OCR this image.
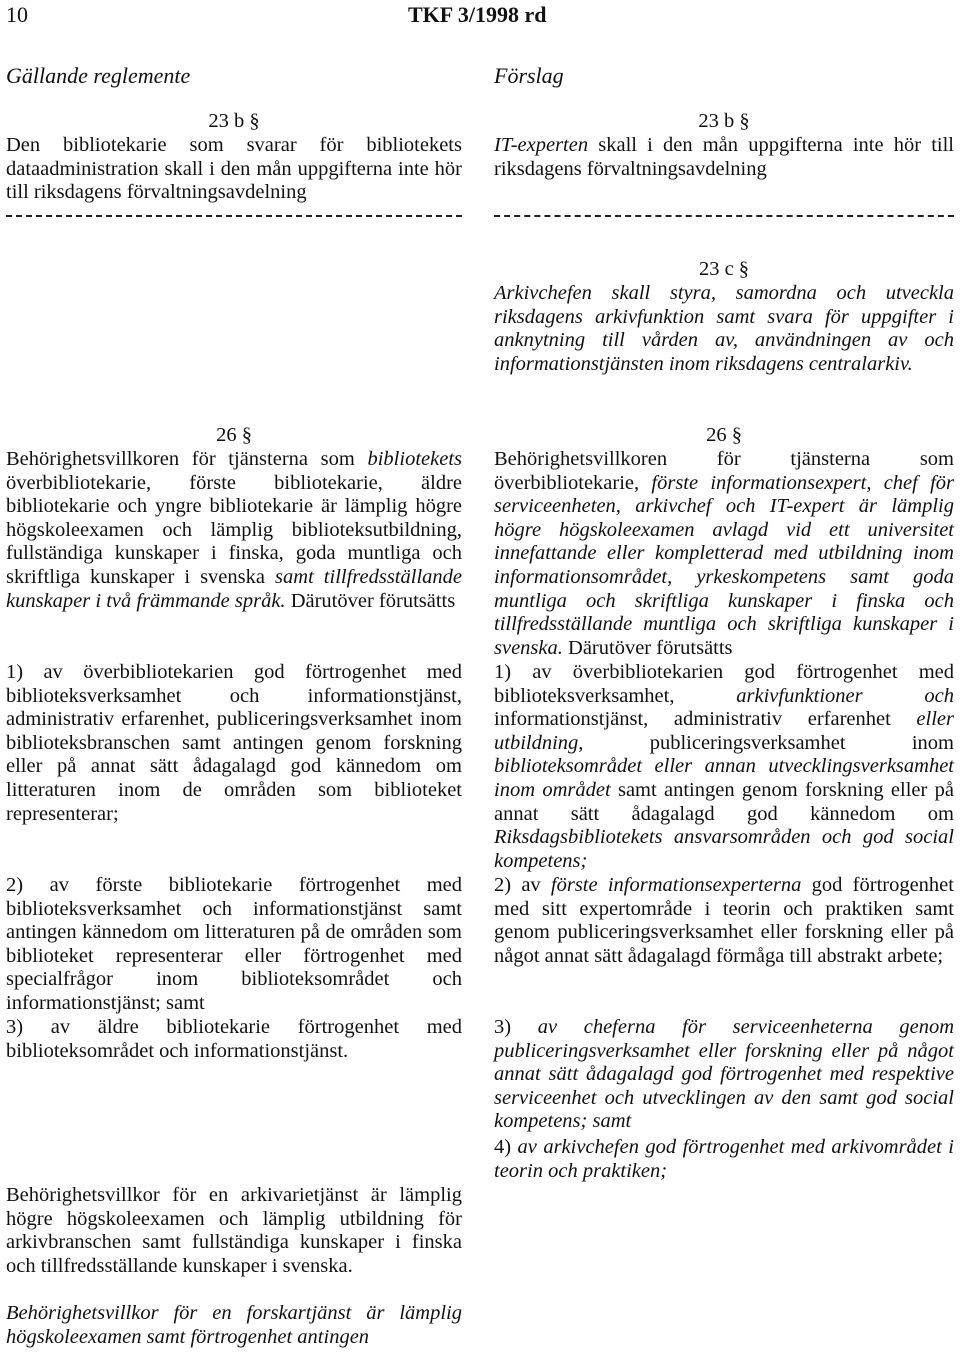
10	TKF 3/1998 rd
Gällande reglemente
23 b §

Den bibliotekarie som svarar för bibliotekets dataadministration skall i den mån uppgifterna inte hör till riksdagens förvaltningsavdelning

26 §

Behörighetsvillkoren för tjänsterna som bibliotekets överbibliotekarie, förste bibliotekarie, äldre bibliotekarie och yngre bibliotekarie är lämplig högre högskoleexamen och lämplig biblioteksutbildning, fullständiga kunskaper i finska, goda muntliga och skriftliga kunskaper i svenska samt tillfredsställande kunskaper i två främmande språk. Därutöver förutsätts

1) av överbibliotekarien god förtrogenhet med biblioteksverksamhet och informationstjänst, administrativ erfarenhet, publiceringsverksamhet inom biblioteksbranschen samt antingen genom forskning eller på annat sätt ådagalagd god kännedom om litteraturen inom de områden som biblioteket representerar;

2) av förste bibliotekarie förtrogenhet med biblioteksverksamhet och informationstjänst samt antingen kännedom om litteraturen på de områden som biblioteket representerar eller förtrogenhet med specialfrågor inom biblioteksområdet och informationstjänst; samt

3) av äldre bibliotekarie förtrogenhet med biblioteksområdet och informationstjänst.

Behörighetsvillkor för en arkivarietjänst är lämplig högre högskoleexamen och lämplig utbildning för arkivbranschen samt fullständiga kunskaper i finska och tillfredsställande kunskaper i svenska.

Behörighetsvillkor för en forskartjänst är lämplig högskoleexamen samt förtrogenhet antingen

Förslag
23 b §

IT-experten skall i den mån uppgifterna inte hör till riksdagens förvaltningsavdelning

23 c §

Arkivchefen skall styra, samordna och utveckla riksdagens arkivfunktion samt svara för uppgifter i anknytning till vården av, användningen av och informationstjänsten inom riksdagens centralarkiv.

26 §

Behörighetsvillkoren för tjänsterna som överbibliotekarie, förste informationsexpert, chef för serviceenheten, arkivchef och IT-expert är lämplig högre högskoleexamen avlagd vid ett universitet innefattande eller kompletterad med utbildning inom informationsområdet, yrkeskompetens samt goda muntliga och skriftliga kunskaper i finska och tillfredsställande muntliga och skriftliga kunskaper i svenska. Därutöver förutsätts

1) av överbibliotekarien god förtrogenhet med biblioteksverksamhet, arkivfunktioner och informationstjänst, administrativ erfarenhet eller utbildning, publiceringsverksamhet inom biblioteksområdet eller annan utvecklingsverksamhet inom området samt antingen genom forskning eller på annat sätt ådagalagd god kännedom om Riksdagsbibliotekets ansvarsområden och god social kompetens;

2) av förste informationsexperterna god förtrogenhet med sitt expertområde i teorin och praktiken samt genom publiceringsverksamhet eller forskning eller på något annat sätt ådagalagd förmåga till abstrakt arbete;

3) av cheferna för serviceenheterna genom publiceringsverksamhet eller forskning eller på något annat sätt ådagalagd god förtrogenhet med respektive serviceenhet och utvecklingen av den samt god social kompetens; samt

4) av arkivchefen god förtrogenhet med arkivområdet i teorin och praktiken;
